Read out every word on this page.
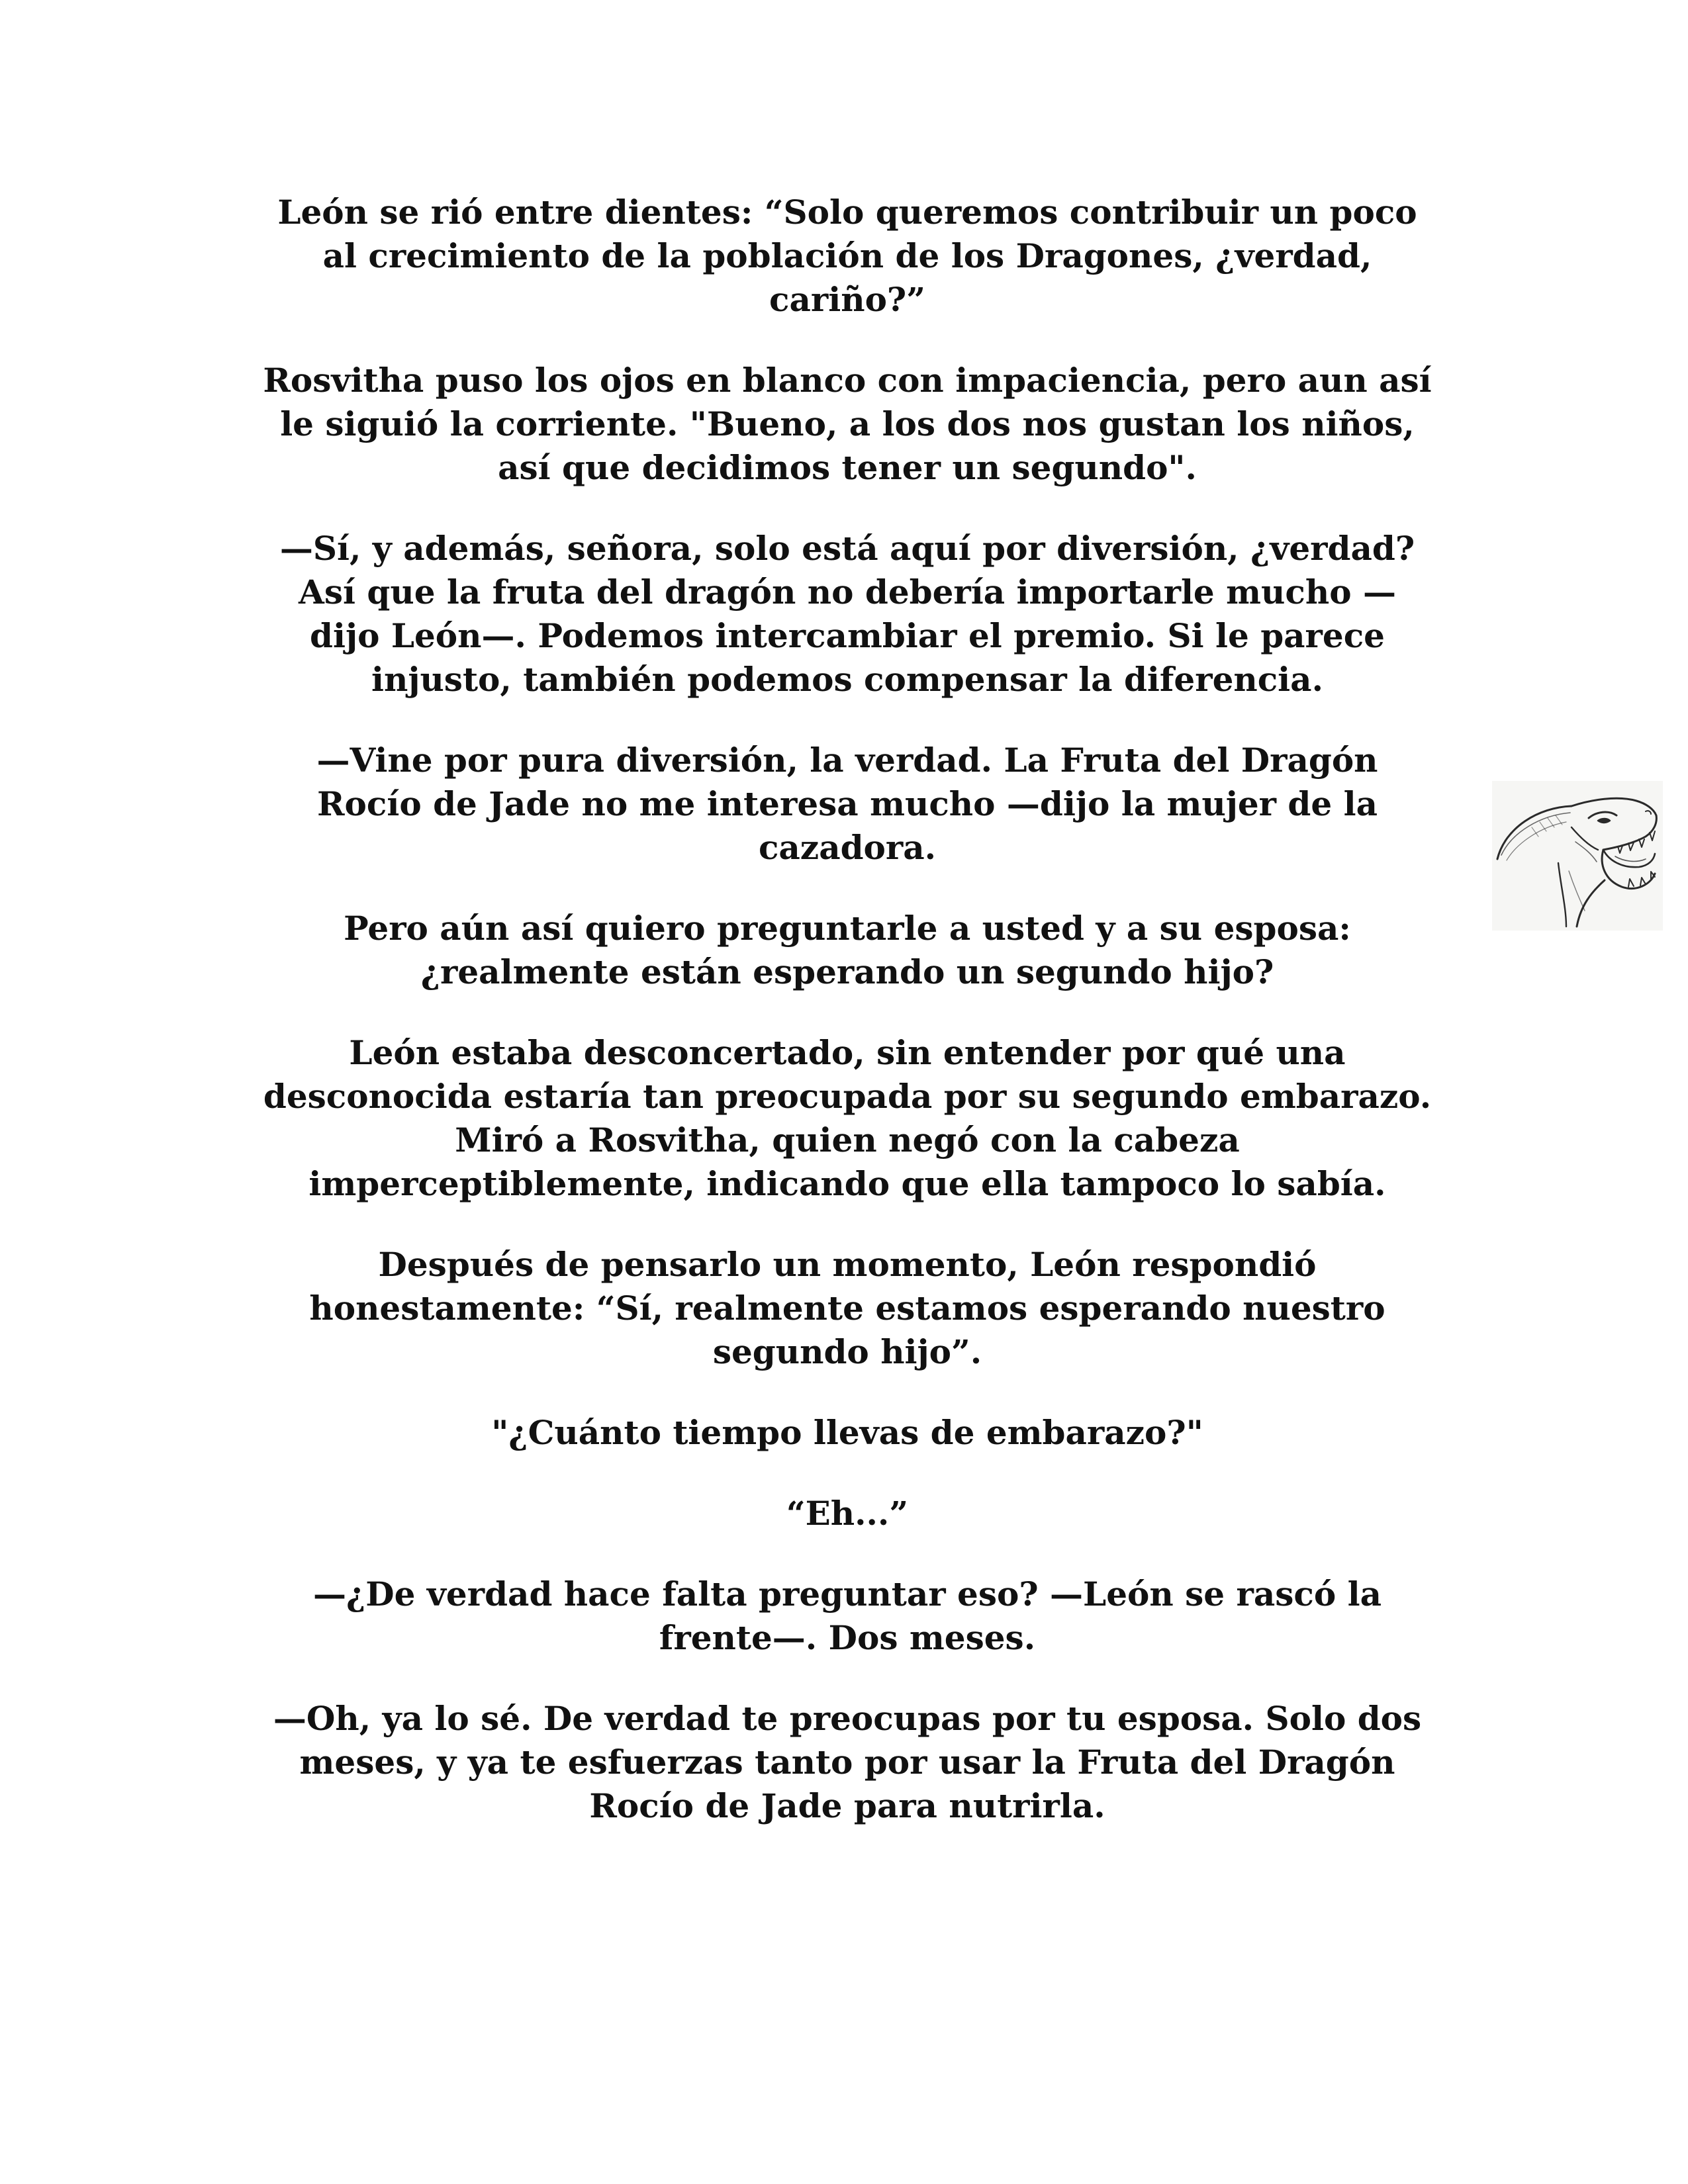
León se rió entre dientes: “Solo queremos contribuir un poco
al crecimiento de la población de los Dragones, ¿verdad,
cariño?”

Rosvitha puso los ojos en blanco con impaciencia, pero aun así
le siguió la corriente. "Bueno, a los dos nos gustan los niños,
así que decidimos tener un segundo".

—Sí, y además, señora, solo está aquí por diversión, ¿verdad?
Así que la fruta del dragón no debería importarle mucho —
dijo León—. Podemos intercambiar el premio. Si le parece
injusto, también podemos compensar la diferencia.

—Vine por pura diversión, la verdad. La Fruta del Dragón
Rocío de Jade no me interesa mucho —dijo la mujer de la
cazadora.

Pero aún así quiero preguntarle a usted y a su esposa:
¿realmente están esperando un segundo hijo?

León estaba desconcertado, sin entender por qué una
desconocida estaría tan preocupada por su segundo embarazo.
Miró a Rosvitha, quien negó con la cabeza
imperceptiblemente, indicando que ella tampoco lo sabía.

Después de pensarlo un momento, León respondió
honestamente: “Sí, realmente estamos esperando nuestro
segundo hijo”.

"¿Cuánto tiempo llevas de embarazo?"

“Eh...”

—¿De verdad hace falta preguntar eso? —León se rascó la
frente—. Dos meses.

—Oh, ya lo sé. De verdad te preocupas por tu esposa. Solo dos
meses, y ya te esfuerzas tanto por usar la Fruta del Dragón
Rocío de Jade para nutrirla.
